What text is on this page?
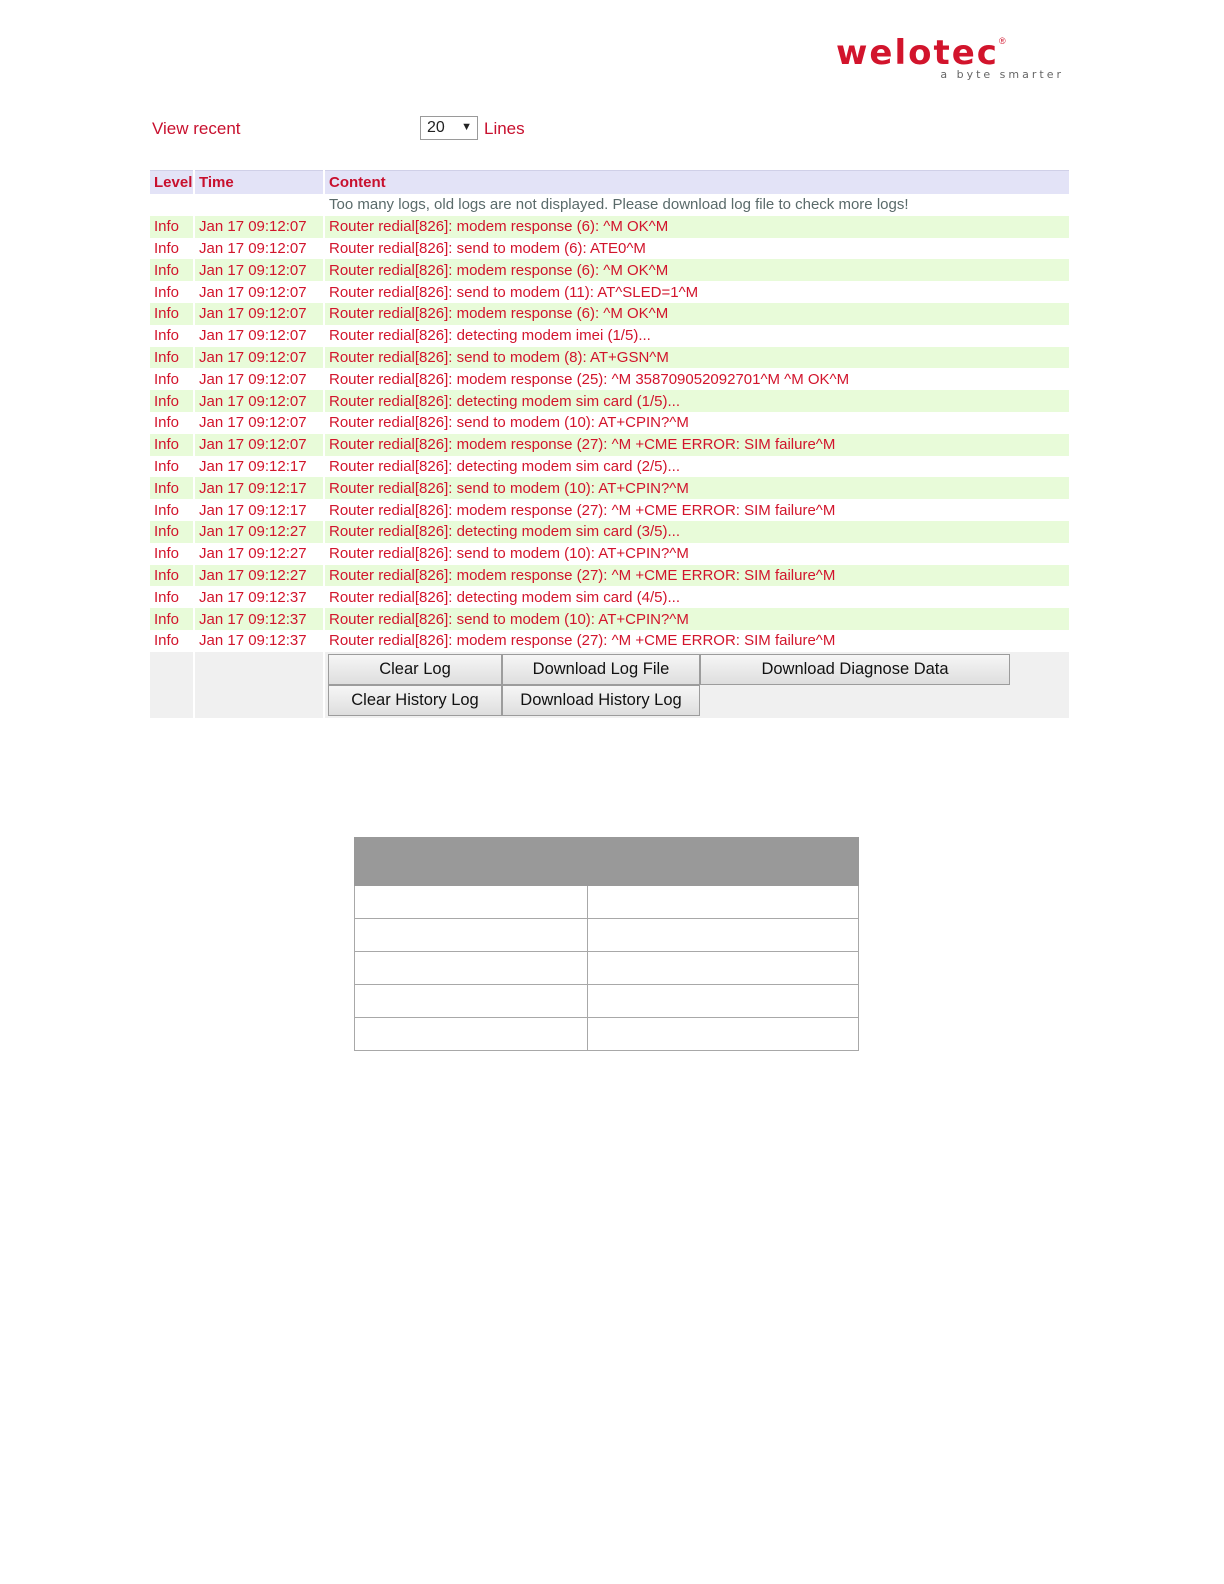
welotec®
a byte smarter
View recent	20 ▼ Lines
Level	Time	Content
		Too many logs, old logs are not displayed. Please download log file to check more logs!
Info	Jan 17 09:12:07	Router redial[826]: modem response (6): ^M OK^M
Info	Jan 17 09:12:07	Router redial[826]: send to modem (6): ATE0^M
Info	Jan 17 09:12:07	Router redial[826]: modem response (6): ^M OK^M
Info	Jan 17 09:12:07	Router redial[826]: send to modem (11): AT^SLED=1^M
Info	Jan 17 09:12:07	Router redial[826]: modem response (6): ^M OK^M
Info	Jan 17 09:12:07	Router redial[826]: detecting modem imei (1/5)...
Info	Jan 17 09:12:07	Router redial[826]: send to modem (8): AT+GSN^M
Info	Jan 17 09:12:07	Router redial[826]: modem response (25): ^M 358709052092701^M ^M OK^M
Info	Jan 17 09:12:07	Router redial[826]: detecting modem sim card (1/5)...
Info	Jan 17 09:12:07	Router redial[826]: send to modem (10): AT+CPIN?^M
Info	Jan 17 09:12:07	Router redial[826]: modem response (27): ^M +CME ERROR: SIM failure^M
Info	Jan 17 09:12:17	Router redial[826]: detecting modem sim card (2/5)...
Info	Jan 17 09:12:17	Router redial[826]: send to modem (10): AT+CPIN?^M
Info	Jan 17 09:12:17	Router redial[826]: modem response (27): ^M +CME ERROR: SIM failure^M
Info	Jan 17 09:12:27	Router redial[826]: detecting modem sim card (3/5)...
Info	Jan 17 09:12:27	Router redial[826]: send to modem (10): AT+CPIN?^M
Info	Jan 17 09:12:27	Router redial[826]: modem response (27): ^M +CME ERROR: SIM failure^M
Info	Jan 17 09:12:37	Router redial[826]: detecting modem sim card (4/5)...
Info	Jan 17 09:12:37	Router redial[826]: send to modem (10): AT+CPIN?^M
Info	Jan 17 09:12:37	Router redial[826]: modem response (27): ^M +CME ERROR: SIM failure^M

		Clear Log Download Log File Download Diagnose Data
Clear History Log Download History Log
